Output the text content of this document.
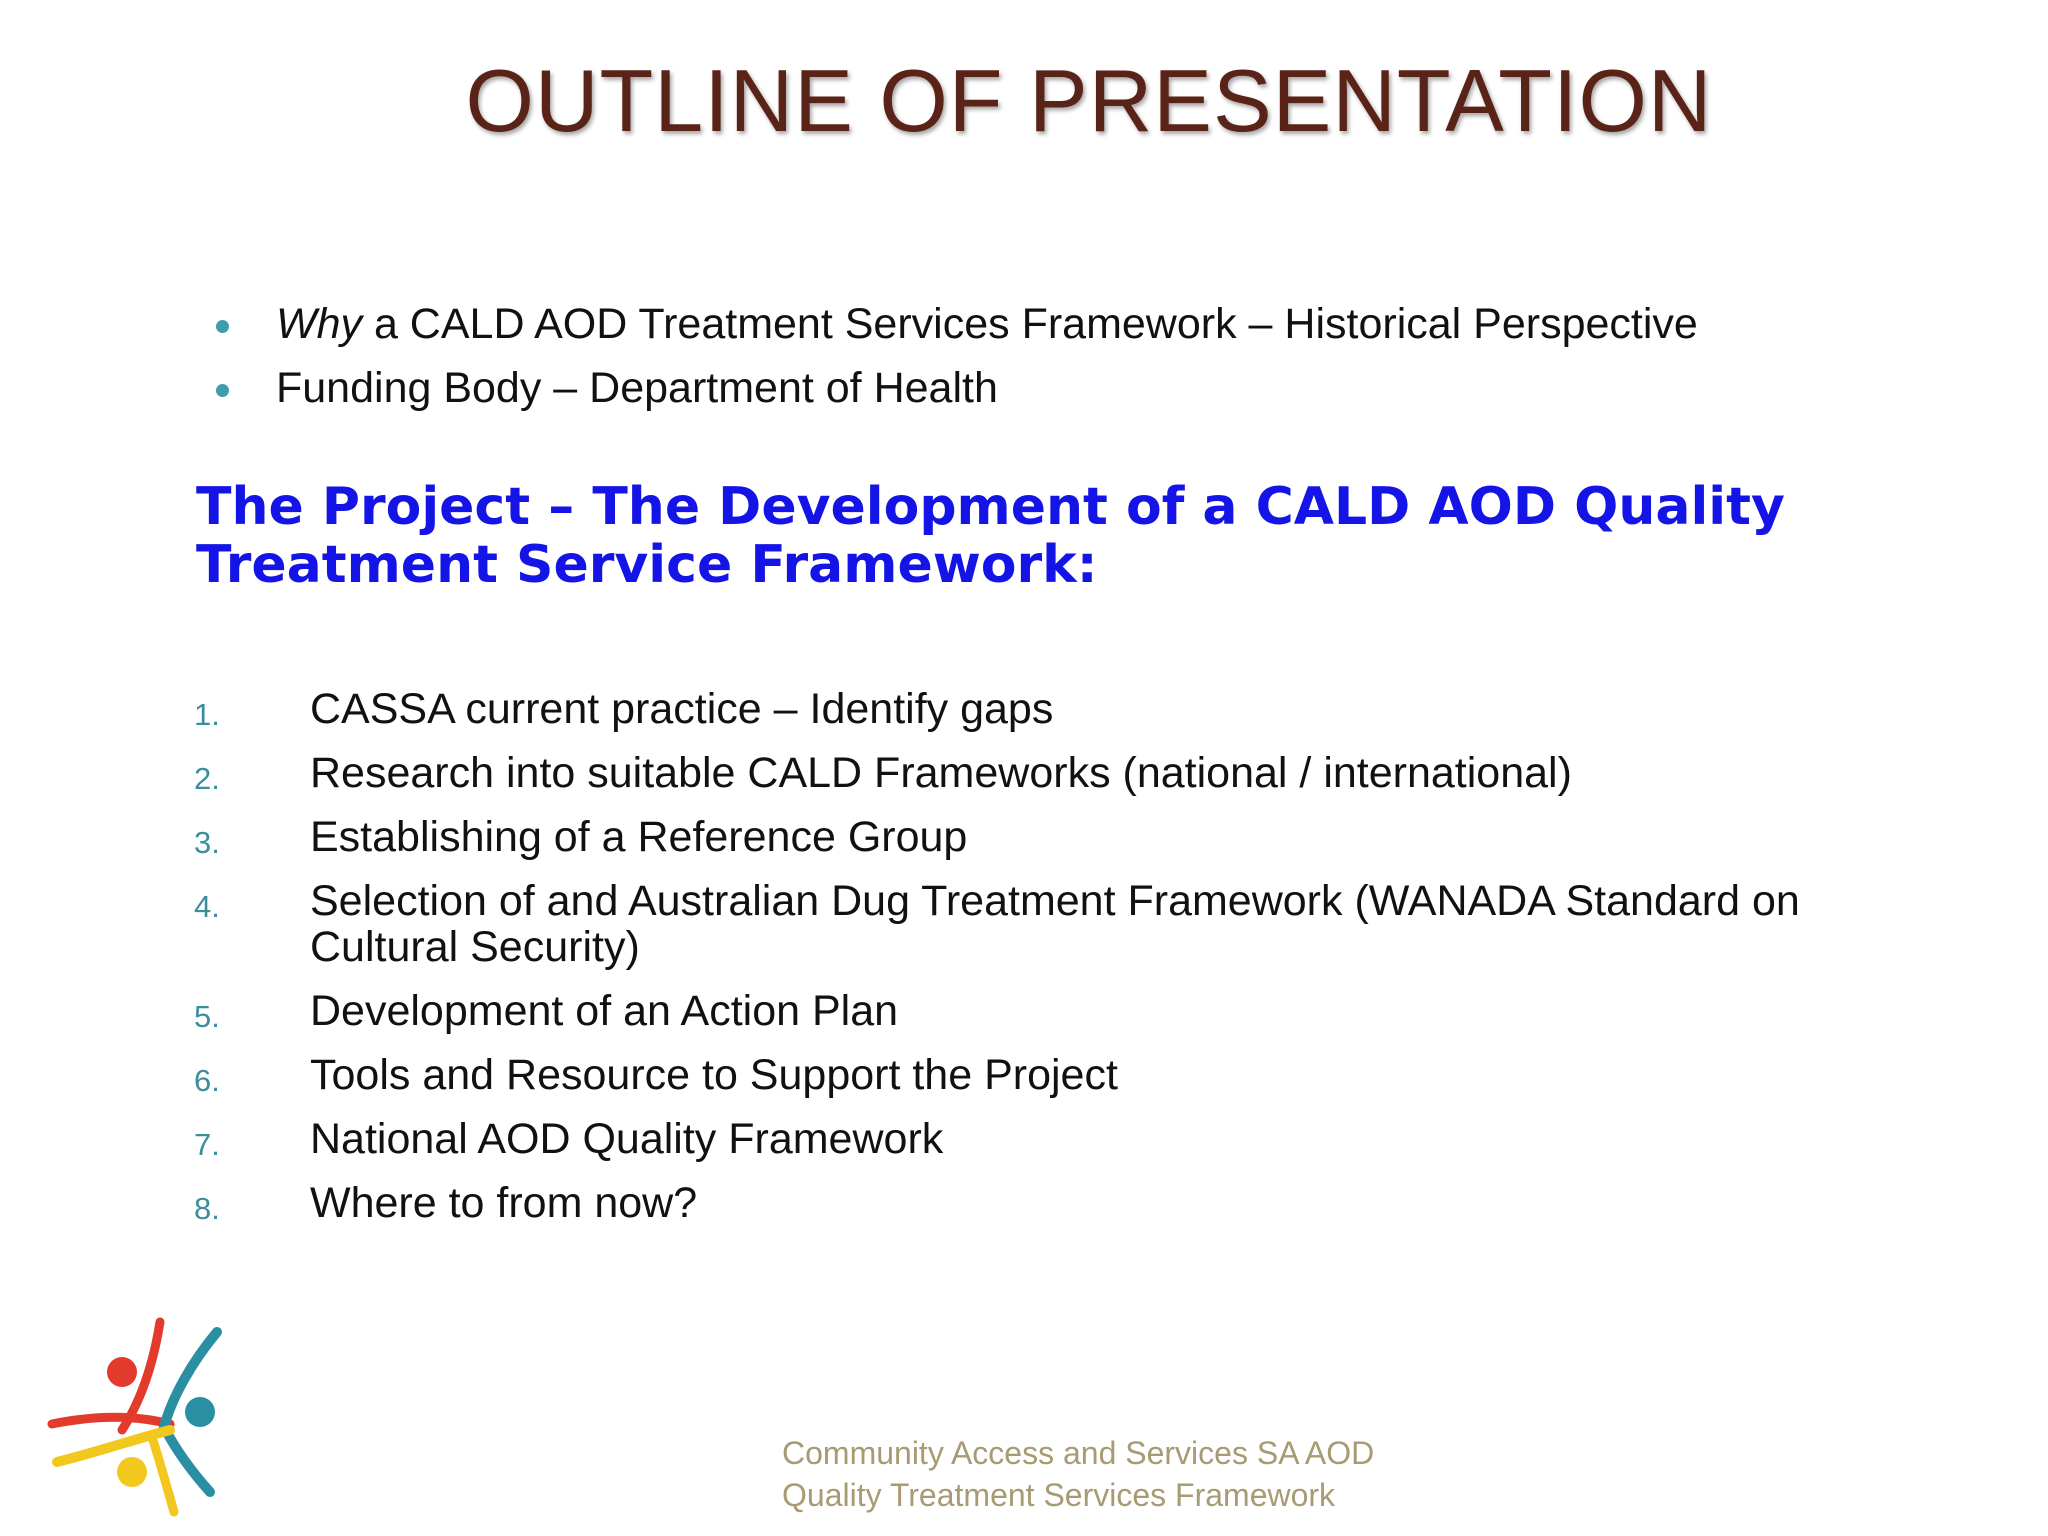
OUTLINE OF PRESENTATION
Why a CALD AOD Treatment Services Framework – Historical Perspective
Funding Body – Department of Health
The Project – The Development of a CALD AOD Quality Treatment Service Framework:
1. CASSA current practice – Identify gaps
2. Research into suitable CALD Frameworks (national / international)
3. Establishing of a Reference Group
4. Selection of and Australian Dug Treatment Framework (WANADA Standard on Cultural Security)
5. Development of an Action Plan
6. Tools and Resource to Support the Project
7. National AOD Quality Framework
8. Where to from now?
Community Access and Services SA AOD
Quality Treatment Services Framework
